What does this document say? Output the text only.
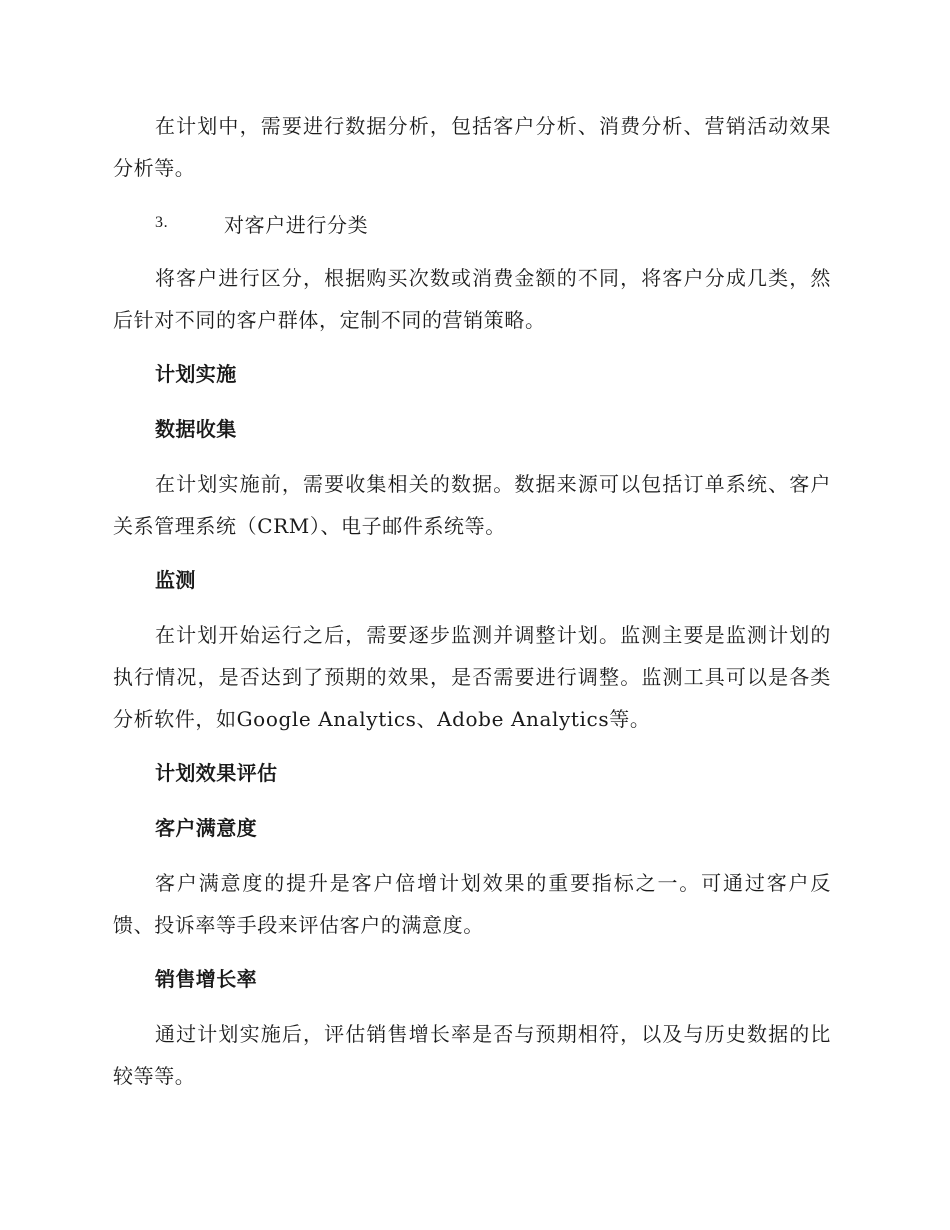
在计划中，需要进行数据分析，包括客户分析、消费分析、营销活动效果分析等。

3.	对客户进行分类

将客户进行区分，根据购买次数或消费金额的不同，将客户分成几类，然后针对不同的客户群体，定制不同的营销策略。

计划实施
数据收集

在计划实施前，需要收集相关的数据。数据来源可以包括订单系统、客户关系管理系统（CRM）、电子邮件系统等。

监测

在计划开始运行之后，需要逐步监测并调整计划。监测主要是监测计划的执行情况，是否达到了预期的效果，是否需要进行调整。监测工具可以是各类分析软件，如Google Analytics、Adobe Analytics等。

计划效果评估
客户满意度

客户满意度的提升是客户倍增计划效果的重要指标之一。可通过客户反馈、投诉率等手段来评估客户的满意度。

销售增长率

通过计划实施后，评估销售增长率是否与预期相符，以及与历史数据的比较等等。
